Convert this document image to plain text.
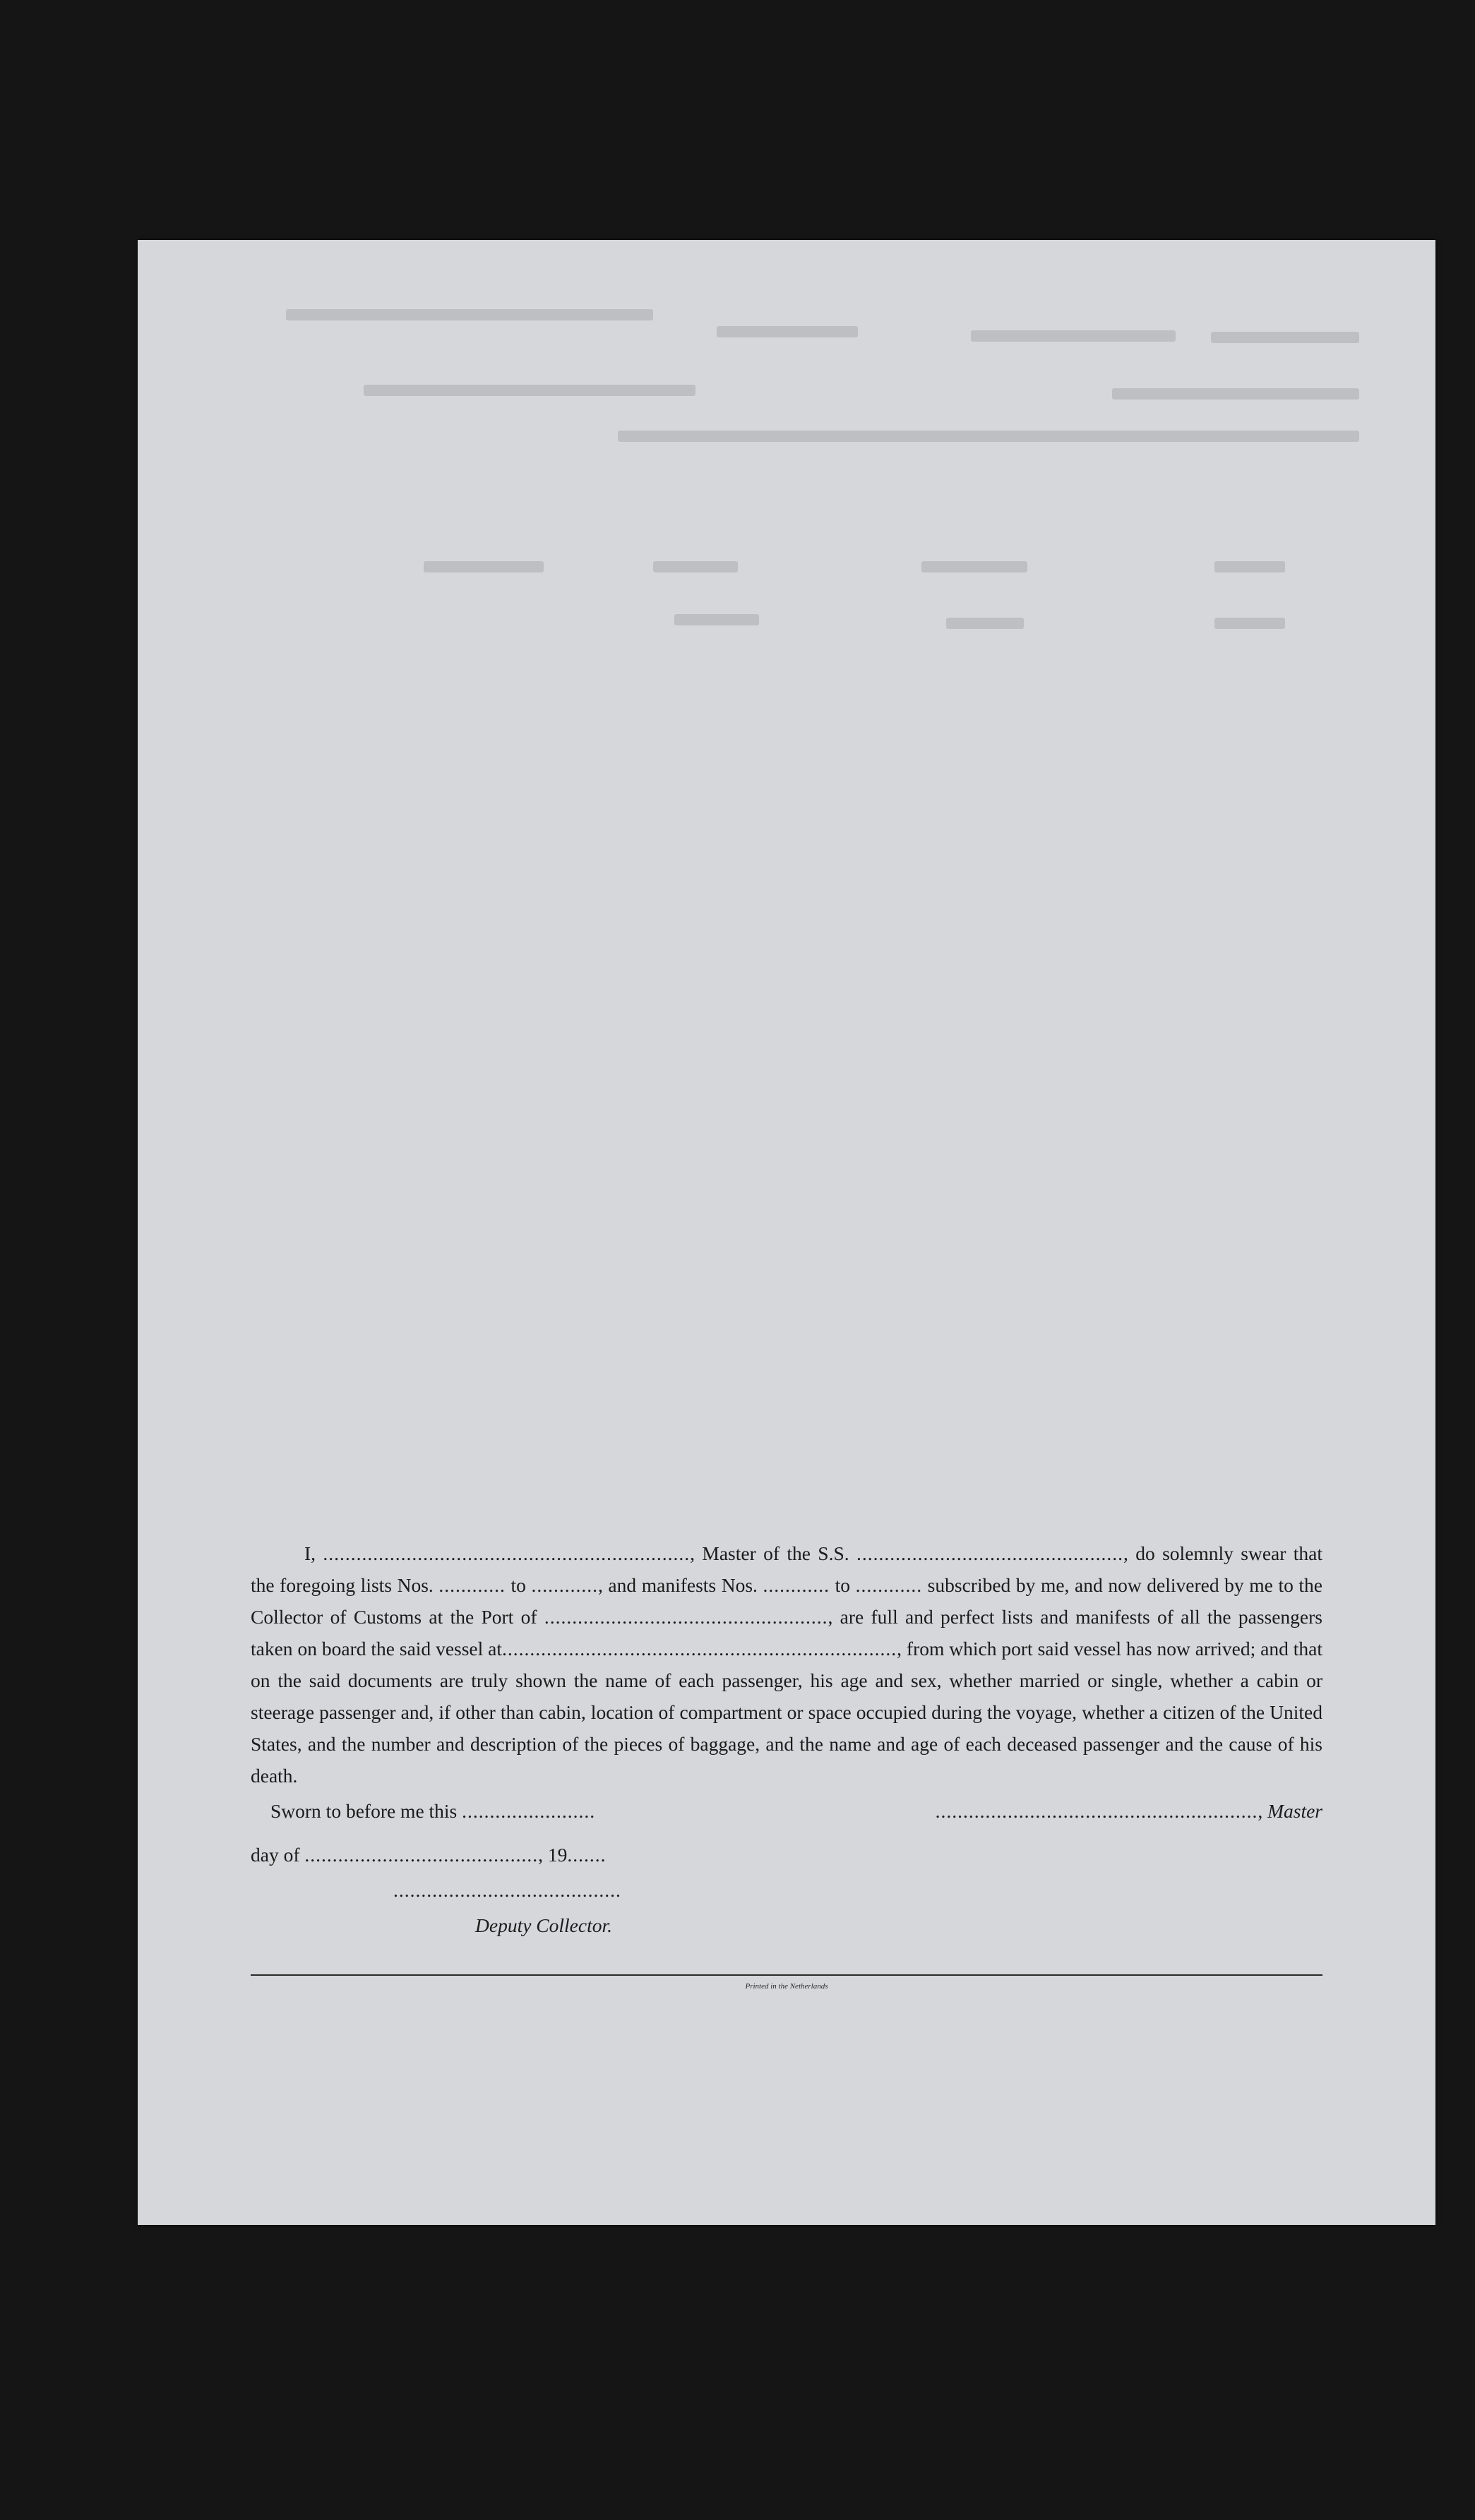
I, .................................................................., Master of the S.S. ................................................, do solemnly swear that the foregoing lists Nos. ............ to ............, and manifests Nos. ............ to ............ subscribed by me, and now delivered by me to the Collector of Customs at the Port of ..................................................., are full and perfect lists and manifests of all the passengers taken on board the said vessel at......................................................................., from which port said vessel has now arrived; and that on the said documents are truly shown the name of each passenger, his age and sex, whether married or single, whether a cabin or steerage passenger and, if other than cabin, location of compartment or space occupied during the voyage, whether a citizen of the United States, and the number and description of the pieces of baggage, and the name and age of each deceased passenger and the cause of his death.
Sworn to before me this ........................	.........................................................., Master
day of .........................................., 19.......
.........................................
Deputy Collector.
Printed in the Netherlands
